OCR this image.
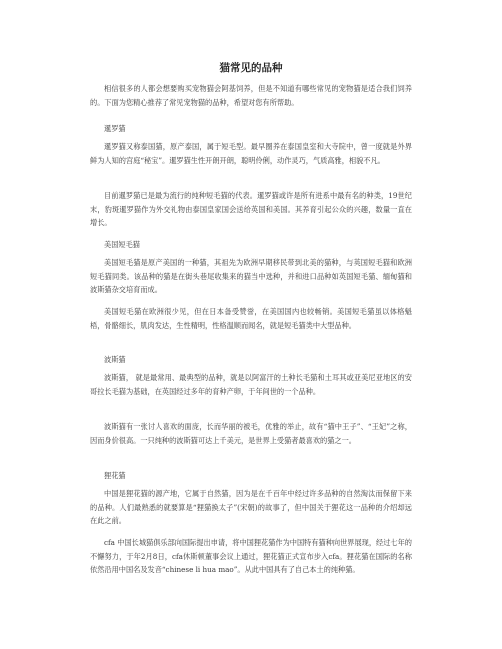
猫常见的品种

相信很多的人都会想要购买宠物猫会阿基饲养，但是不知道有哪些常见的宠物猫是适合我们饲养的。下面为您精心推荐了常见宠物猫的品种，希望对您有所帮助。

暹罗猫

暹罗猫又称泰国猫，原产泰国，属于短毛型。最早圈养在泰国皇室和大寺院中，曾一度就是外界鲜为人知的宫庭“秘宝”。暹罗猫生性开朗开朗，聪明伶俐，动作灵巧，气质高雅，相貌不凡。

目前暹罗猫已是最为流行的纯种短毛猫的代表。暹罗猫或许是所有进系中最有名的种类，19世纪末，豹斑暹罗猫作为外交礼物由泰国皇家国会送给英国和美国。其养育引起公众的兴趣，数量一直在增长。

美国短毛猫

美国短毛猫是原产美国的一种猫，其祖先为欧洲早期移民带到北美的猫种，与英国短毛猫和欧洲短毛猫同类。该品种的猫是在街头巷尾收集来的猫当中选种，并和进口品种如英国短毛猫、缅甸猫和波斯猫杂交培育而成。

美国短毛猫在欧洲很少见，但在日本备受赞誉，在美国国内也较畅销。美国短毛猫虽以体格魁梧，骨骼细长，肌肉发达，生性精明，性格温顺而闻名，就是短毛猫类中大型品种。

波斯猫

波斯猫， 就是最常用、最典型的品种，就是以阿富汗的土种长毛猫和土耳其或亚美尼亚地区的安哥拉长毛猫为基础，在英国经过多年的育种产卵，于年间世的一个品种。

波斯猫有一张讨人喜欢的面庞，长而华丽的被毛，优雅的举止，故有“猫中王子”、“王妃”之称，因而身价很高。一只纯种的波斯猫可达上千美元，是世界上受猫者最喜欢的猫之一。

狸花猫

中国是狸花猫的源产地，它属于自然猫，因为是在千百年中经过许多品种的自然淘汰而保留下来的品种。人们最熟悉的就要算是“狸猫换太子”(宋朝)的故事了，但中国关于狸花这一品种的介绍却远在此之前。

cfa 中国长城猫俱乐部向国际提出申请，将中国狸花猫作为中国特有猫种向世界展现，经过七年的不懈努力，于年2月8日，cfa休斯顿董事会议上通过，狸花猫正式宣布步入cfa。狸花猫在国际的名称依然沿用中国名及发音“chinese li hua mao”。从此中国具有了自己本土的纯种猫。
